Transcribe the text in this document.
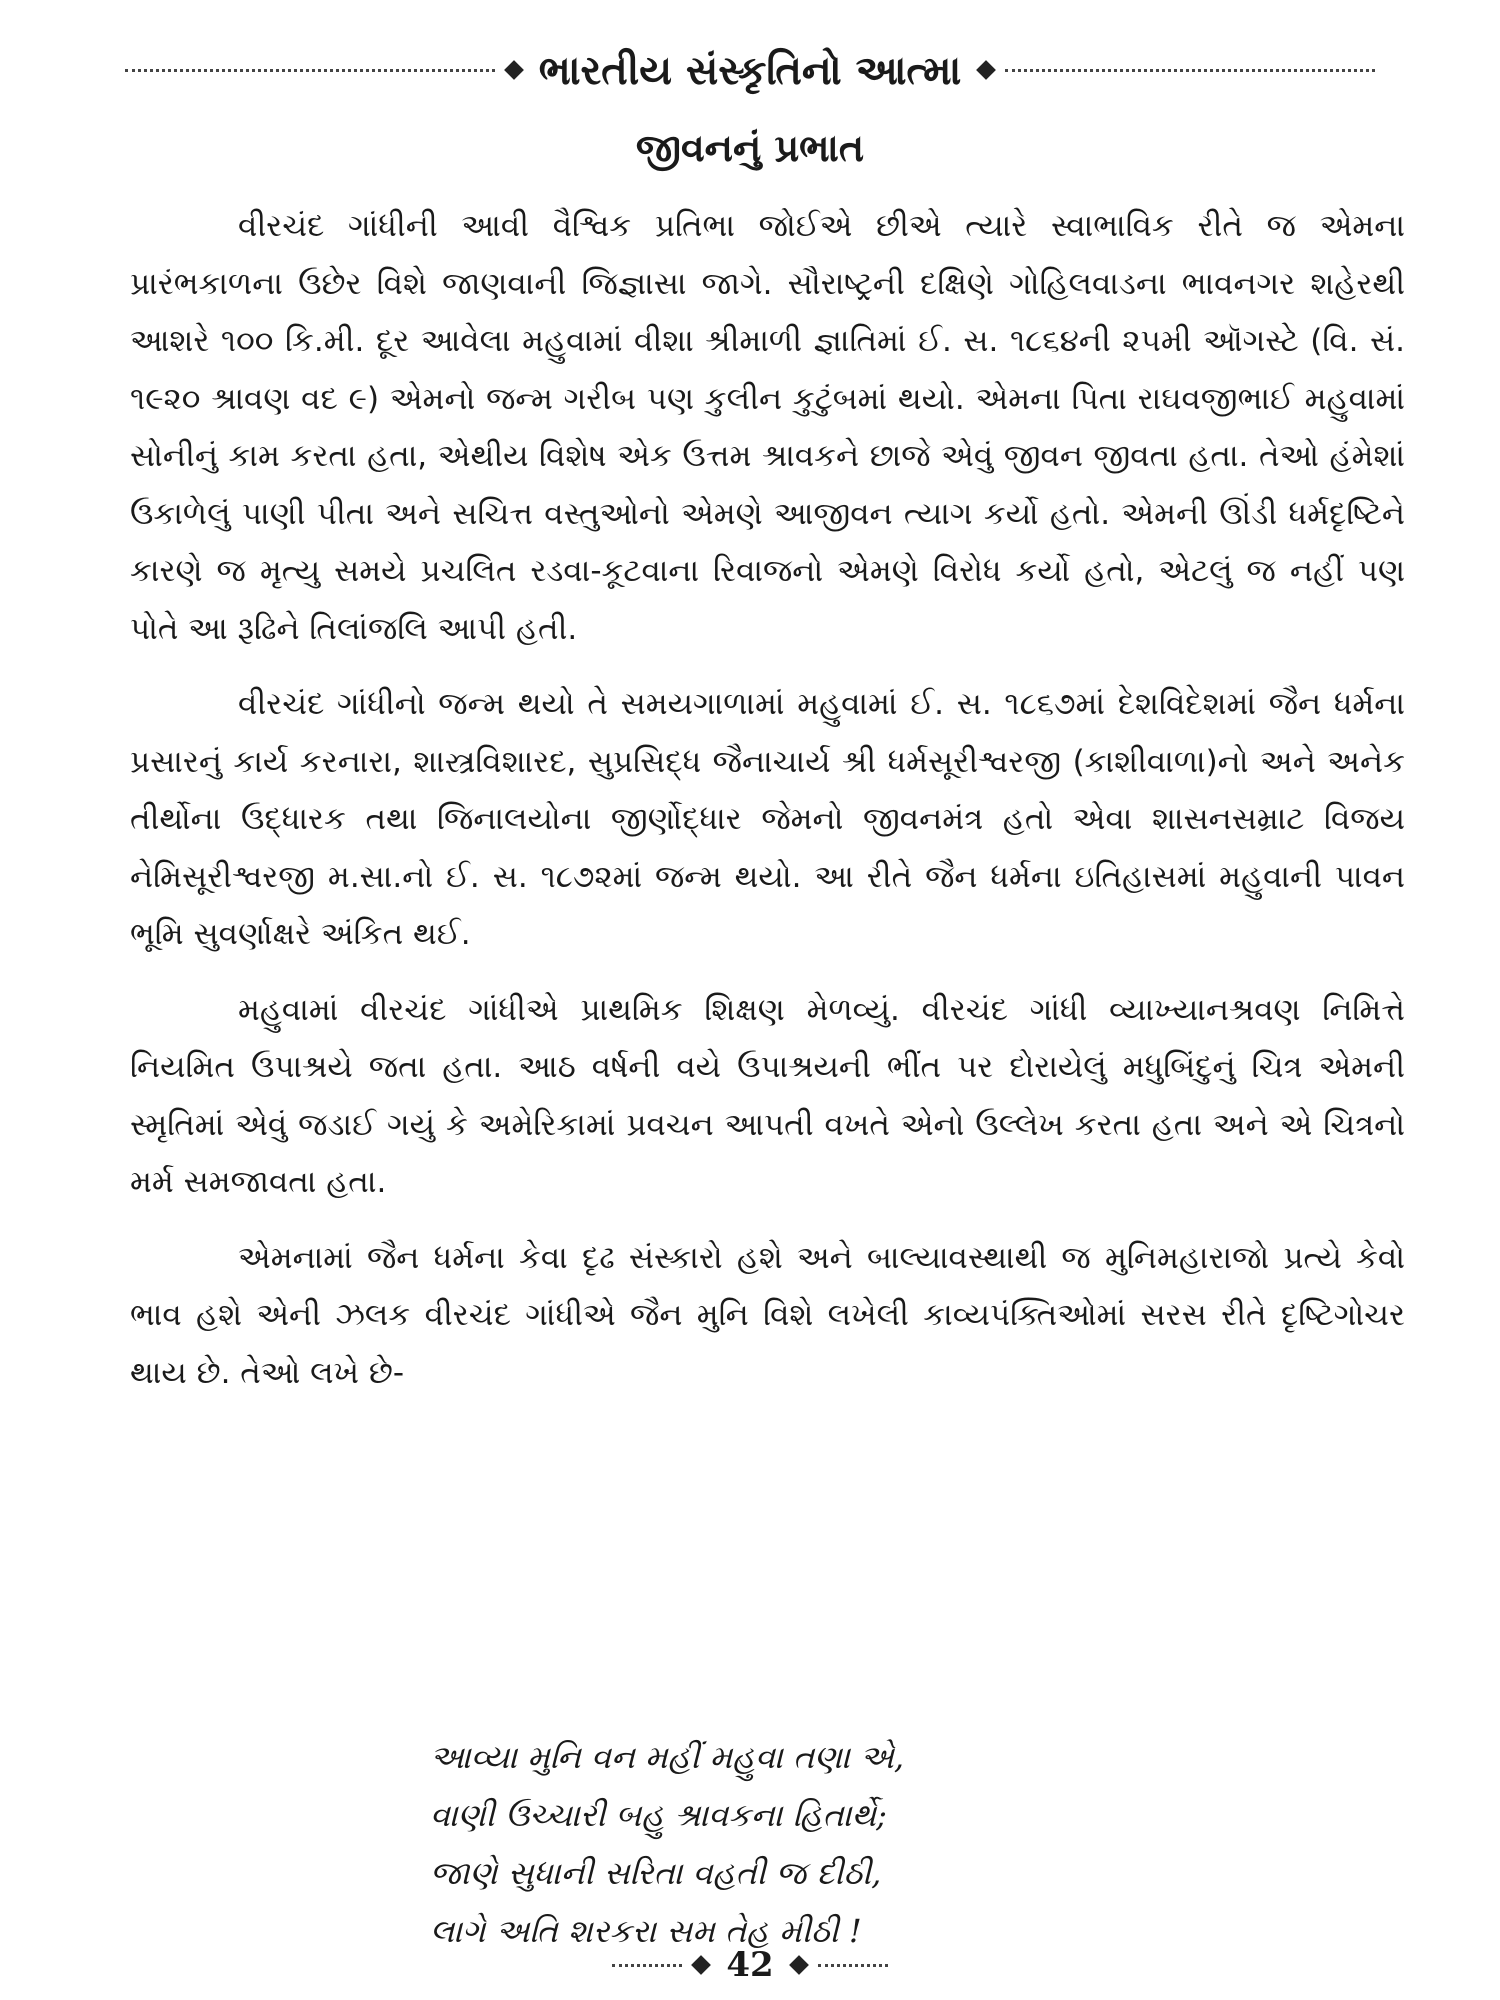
ભારતીય સંસ્કૃતિનો આત્મા
જીવનનું પ્રભાત

વીરચંદ ગાંધીની આવી વૈશ્વિક પ્રતિભા જોઈએ છીએ ત્યારે સ્વાભાવિક રીતે જ એમના પ્રારંભકાળના ઉછેર વિશે જાણવાની જિજ્ઞાસા જાગે. સૌરાષ્ટ્રની દક્ષિણે ગોહિલવાડના ભાવનગર શહેરથી આશરે ૧૦૦ કિ.મી. દૂર આવેલા મહુવામાં વીશા શ્રીમાળી જ્ઞાતિમાં ઈ. સ. ૧૮૬૪ની ૨૫મી ઑગસ્ટે (વિ. સં. ૧૯૨૦ શ્રાવણ વદ ૯) એમનો જન્મ ગરીબ પણ કુલીન કુટુંબમાં થયો. એમના પિતા રાઘવજીભાઈ મહુવામાં સોનીનું કામ કરતા હતા, એથીય વિશેષ એક ઉત્તમ શ્રાવકને છાજે એવું જીવન જીવતા હતા. તેઓ હંમેશાં ઉકાળેલું પાણી પીતા અને સચિત્ત વસ્તુઓનો એમણે આજીવન ત્યાગ કર્યો હતો. એમની ઊંડી ધર્મદૃષ્ટિને કારણે જ મૃત્યુ સમયે પ્રચલિત રડવા-કૂટવાના રિવાજનો એમણે વિરોધ કર્યો હતો, એટલું જ નહીં પણ પોતે આ રૂઢિને તિલાંજલિ આપી હતી.

વીરચંદ ગાંધીનો જન્મ થયો તે સમયગાળામાં મહુવામાં ઈ. સ. ૧૮૬૭માં દેશવિદેશમાં જૈન ધર્મના પ્રસારનું કાર્ય કરનારા, શાસ્ત્રવિશારદ, સુપ્રસિદ્ધ જૈનાચાર્ય શ્રી ધર્મસૂરીશ્વરજી (કાશીવાળા)નો અને અનેક તીર્થોના ઉદ્ધારક તથા જિનાલયોના જીર્ણોદ્ધાર જેમનો જીવનમંત્ર હતો એવા શાસનસમ્રાટ વિજય નેમિસૂરીશ્વરજી મ.સા.નો ઈ. સ. ૧૮૭૨માં જન્મ થયો. આ રીતે જૈન ધર્મના ઇતિહાસમાં મહુવાની પાવન ભૂમિ સુવર્ણાક્ષરે અંકિત થઈ.

મહુવામાં વીરચંદ ગાંધીએ પ્રાથમિક શિક્ષણ મેળવ્યું. વીરચંદ ગાંધી વ્યાખ્યાનશ્રવણ નિમિત્તે નિયમિત ઉપાશ્રયે જતા હતા. આઠ વર્ષની વયે ઉપાશ્રયની ભીંત પર દોરાયેલું મધુબિંદુનું ચિત્ર એમની સ્મૃતિમાં એવું જડાઈ ગયું કે અમેરિકામાં પ્રવચન આપતી વખતે એનો ઉલ્લેખ કરતા હતા અને એ ચિત્રનો મર્મ સમજાવતા હતા.

એમનામાં જૈન ધર્મના કેવા દૃઢ સંસ્કારો હશે અને બાલ્યાવસ્થાથી જ મુનિમહારાજો પ્રત્યે કેવો ભાવ હશે એની ઝલક વીરચંદ ગાંધીએ જૈન મુનિ વિશે લખેલી કાવ્યપંક્તિઓમાં સરસ રીતે દૃષ્ટિગોચર થાય છે. તેઓ લખે છે-

આવ્યા મુનિ વન મહીં મહુવા તણા એ,
વાણી ઉચ્ચારી બહુ શ્રાવકના હિતાર્થે;
જાણે સુધાની સરિતા વહતી જ દીઠી,
લાગે અતિ શરકરા સમ તેહ મીઠી !
42
